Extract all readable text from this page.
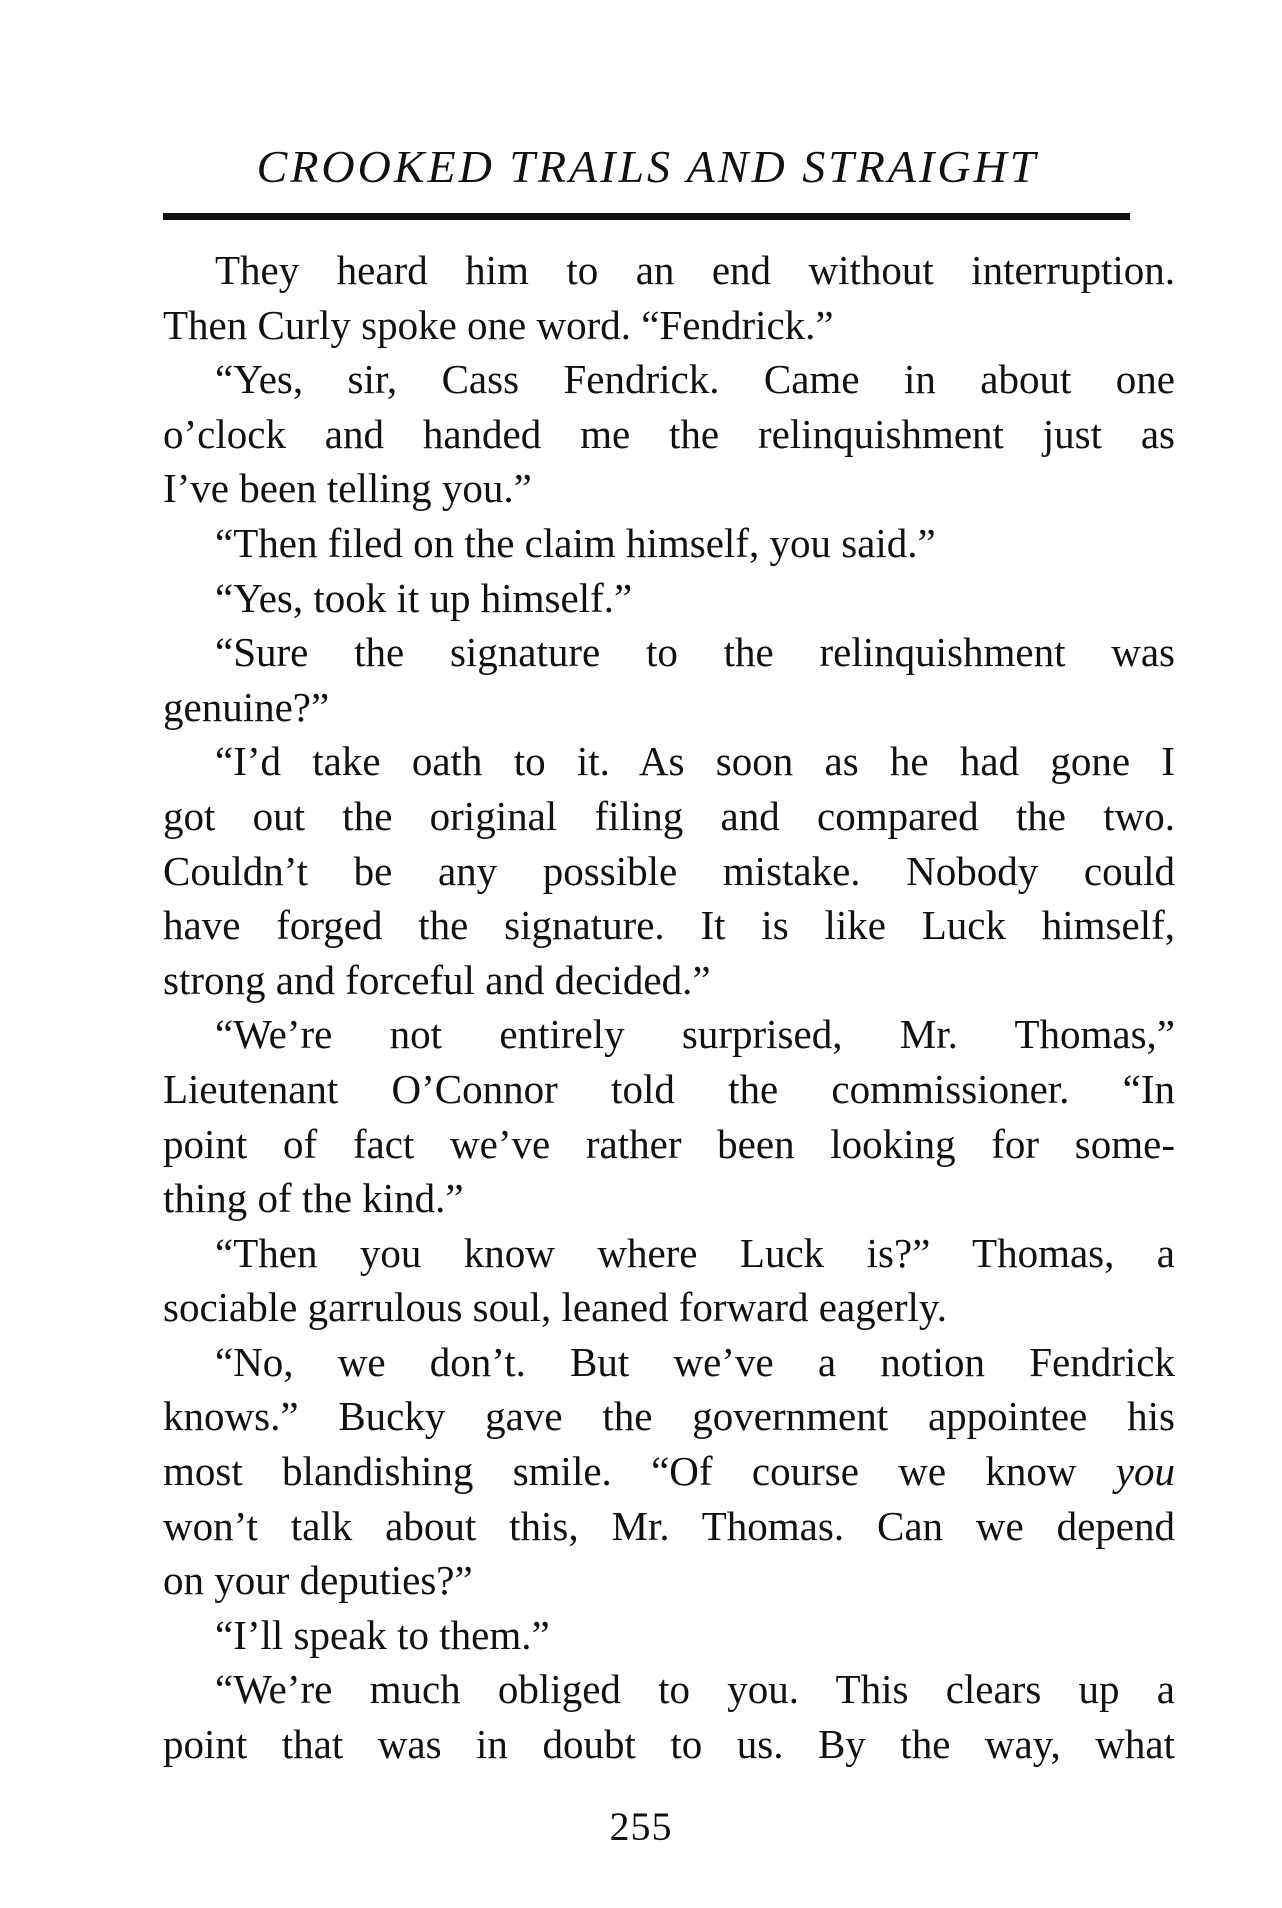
CROOKED TRAILS AND STRAIGHT
They heard him to an end without interruption.
Then Curly spoke one word. “Fendrick.”
“Yes, sir, Cass Fendrick. Came in about one
o’clock and handed me the relinquishment just as
I’ve been telling you.”
“Then filed on the claim himself, you said.”
“Yes, took it up himself.”
“Sure the signature to the relinquishment was
genuine?”
“I’d take oath to it. As soon as he had gone I
got out the original filing and compared the two.
Couldn’t be any possible mistake. Nobody could
have forged the signature. It is like Luck himself,
strong and forceful and decided.”
“We’re not entirely surprised, Mr. Thomas,”
Lieutenant O’Connor told the commissioner. “In
point of fact we’ve rather been looking for some-
thing of the kind.”
“Then you know where Luck is?” Thomas, a
sociable garrulous soul, leaned forward eagerly.
“No, we don’t. But we’ve a notion Fendrick
knows.” Bucky gave the government appointee his
most blandishing smile. “Of course we know you
won’t talk about this, Mr. Thomas. Can we depend
on your deputies?”
“I’ll speak to them.”
“We’re much obliged to you. This clears up a
point that was in doubt to us. By the way, what
255
